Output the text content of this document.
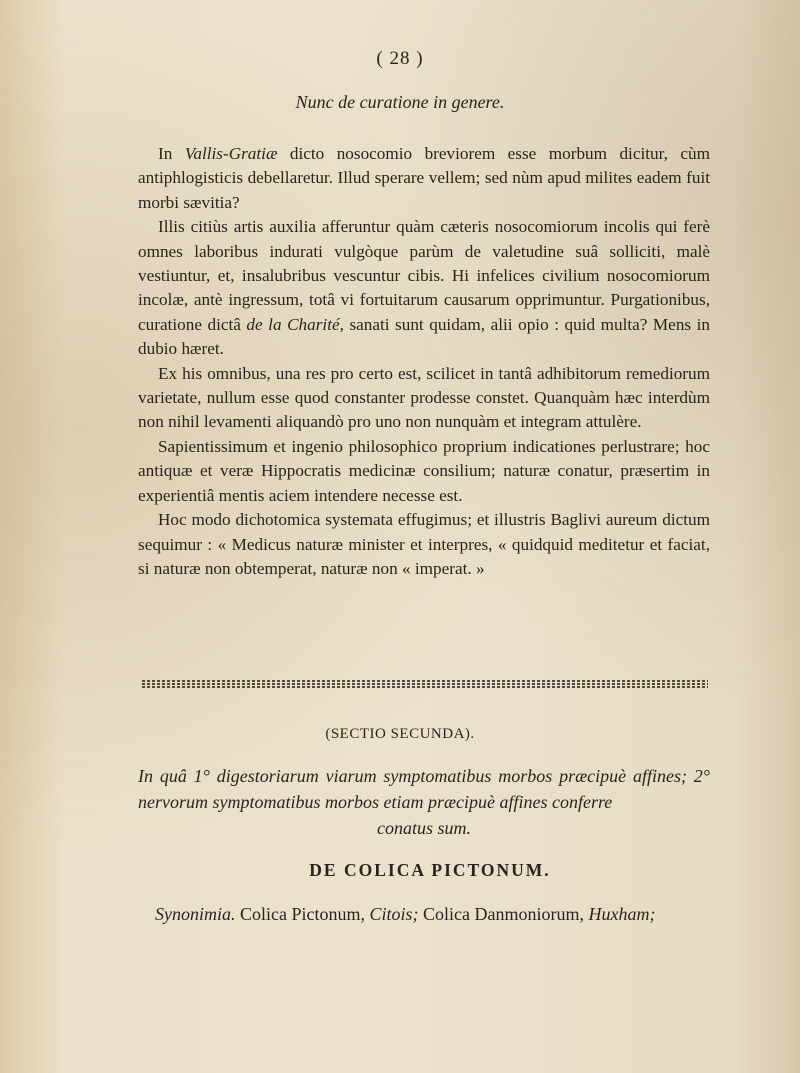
( 28 )
Nunc de curatione in genere.

In Vallis-Gratiæ dicto nosocomio breviorem esse morbum dicitur, cùm antiphlogisticis debellaretur. Illud sperare vellem; sed nùm apud milites eadem fuit morbi sævitia?

Illis citiùs artis auxilia afferuntur quàm cæteris nosocomiorum incolis qui ferè omnes laboribus indurati vulgòque parùm de valetudine suâ solliciti, malè vestiuntur, et, insalubribus vescuntur cibis. Hi infelices civilium nosocomiorum incolæ, antè ingressum, totâ vi fortuitarum causarum opprimuntur. Purgationibus, curatione dictâ de la Charité, sanati sunt quidam, alii opio : quid multa? Mens in dubio hæret.

Ex his omnibus, una res pro certo est, scilicet in tantâ adhibitorum remediorum varietate, nullum esse quod constanter prodesse constet. Quanquàm hæc interdùm non nihil levamenti aliquandò pro uno non nunquàm et integram attulère.

Sapientissimum et ingenio philosophico proprium indicationes perlustrare; hoc antiquæ et veræ Hippocratis medicinæ consilium; naturæ conatur, præsertim in experientiâ mentis aciem intendere necesse est.

Hoc modo dichotomica systemata effugimus; et illustris Baglivi aureum dictum sequimur : « Medicus naturæ minister et interpres, « quidquid meditetur et faciat, si naturæ non obtemperat, naturæ non « imperat. »

(SECTIO SECUNDA).
In quâ 1° digestoriarum viarum symptomatibus morbos præcipuè affines; 2° nervorum symptomatibus morbos etiam præcipuè affines conferre
conatus sum.
DE COLICA PICTONUM.
Synonimia. Colica Pictonum, Citois; Colica Danmoniorum, Huxham;
